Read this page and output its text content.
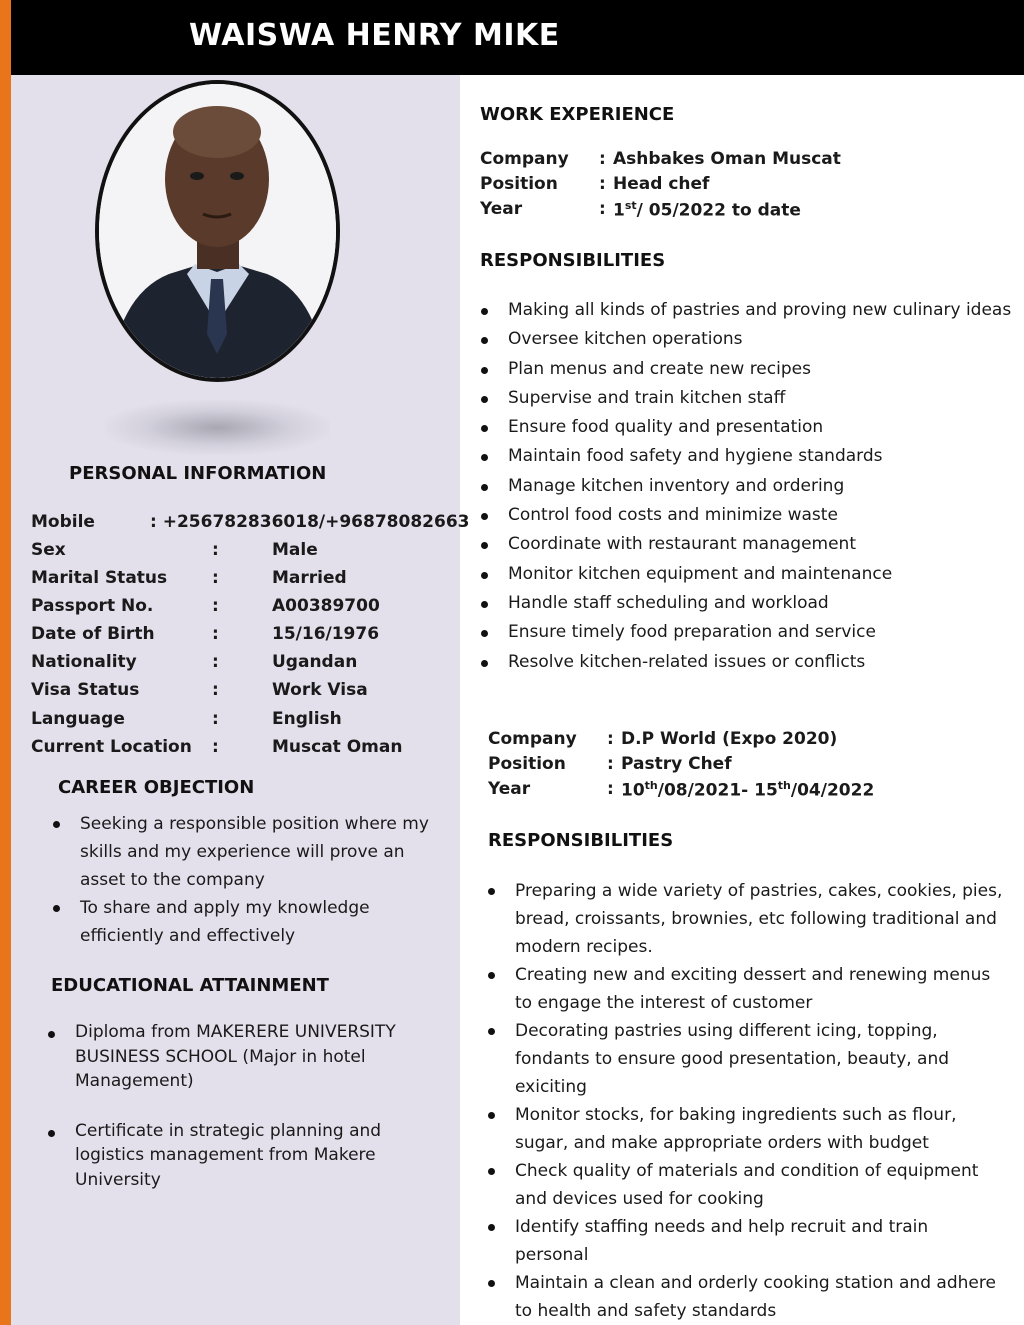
WAISWA HENRY MIKE
PERSONAL INFORMATION
Mobile	: +256782836018/+96878082663
Sex	:	Male
Marital Status	:	Married
Passport No.	:	A00389700
Date of Birth	:	15/16/1976
Nationality	:	Ugandan
Visa Status	:	Work Visa
Language	:	English
Current Location :	Muscat Oman
CAREER OBJECTION
Seeking a responsible position where my skills and my experience will prove an asset to the company
To share and apply my knowledge efficiently and effectively
EDUCATIONAL ATTAINMENT
Diploma from MAKERERE UNIVERSITY BUSINESS SCHOOL (Major in hotel Management)
Certificate in strategic planning and logistics management from Makere University
WORK EXPERIENCE
Company : Ashbakes Oman Muscat
Position : Head chef
Year	: 1st/ 05/2022 to date
RESPONSIBILITIES
Making all kinds of pastries and proving new culinary ideas
Oversee kitchen operations
Plan menus and create new recipes
Supervise and train kitchen staff
Ensure food quality and presentation
Maintain food safety and hygiene standards
Manage kitchen inventory and ordering
Control food costs and minimize waste
Coordinate with restaurant management
Monitor kitchen equipment and maintenance
Handle staff scheduling and workload
Ensure timely food preparation and service
Resolve kitchen-related issues or conflicts
Company : D.P World (Expo 2020)
Position : Pastry Chef
Year	: 10th/08/2021- 15th/04/2022
RESPONSIBILITIES
Preparing a wide variety of pastries, cakes, cookies, pies, bread, croissants, brownies, etc following traditional and modern recipes.
Creating new and exciting dessert and renewing menus to engage the interest of customer
Decorating pastries using different icing, topping, fondants to ensure good presentation, beauty, and exiciting
Monitor stocks, for baking ingredients such as flour, sugar, and make appropriate orders with budget
Check quality of materials and condition of equipment and devices used for cooking
Identify staffing needs and help recruit and train personal
Maintain a clean and orderly cooking station and adhere to health and safety standards
